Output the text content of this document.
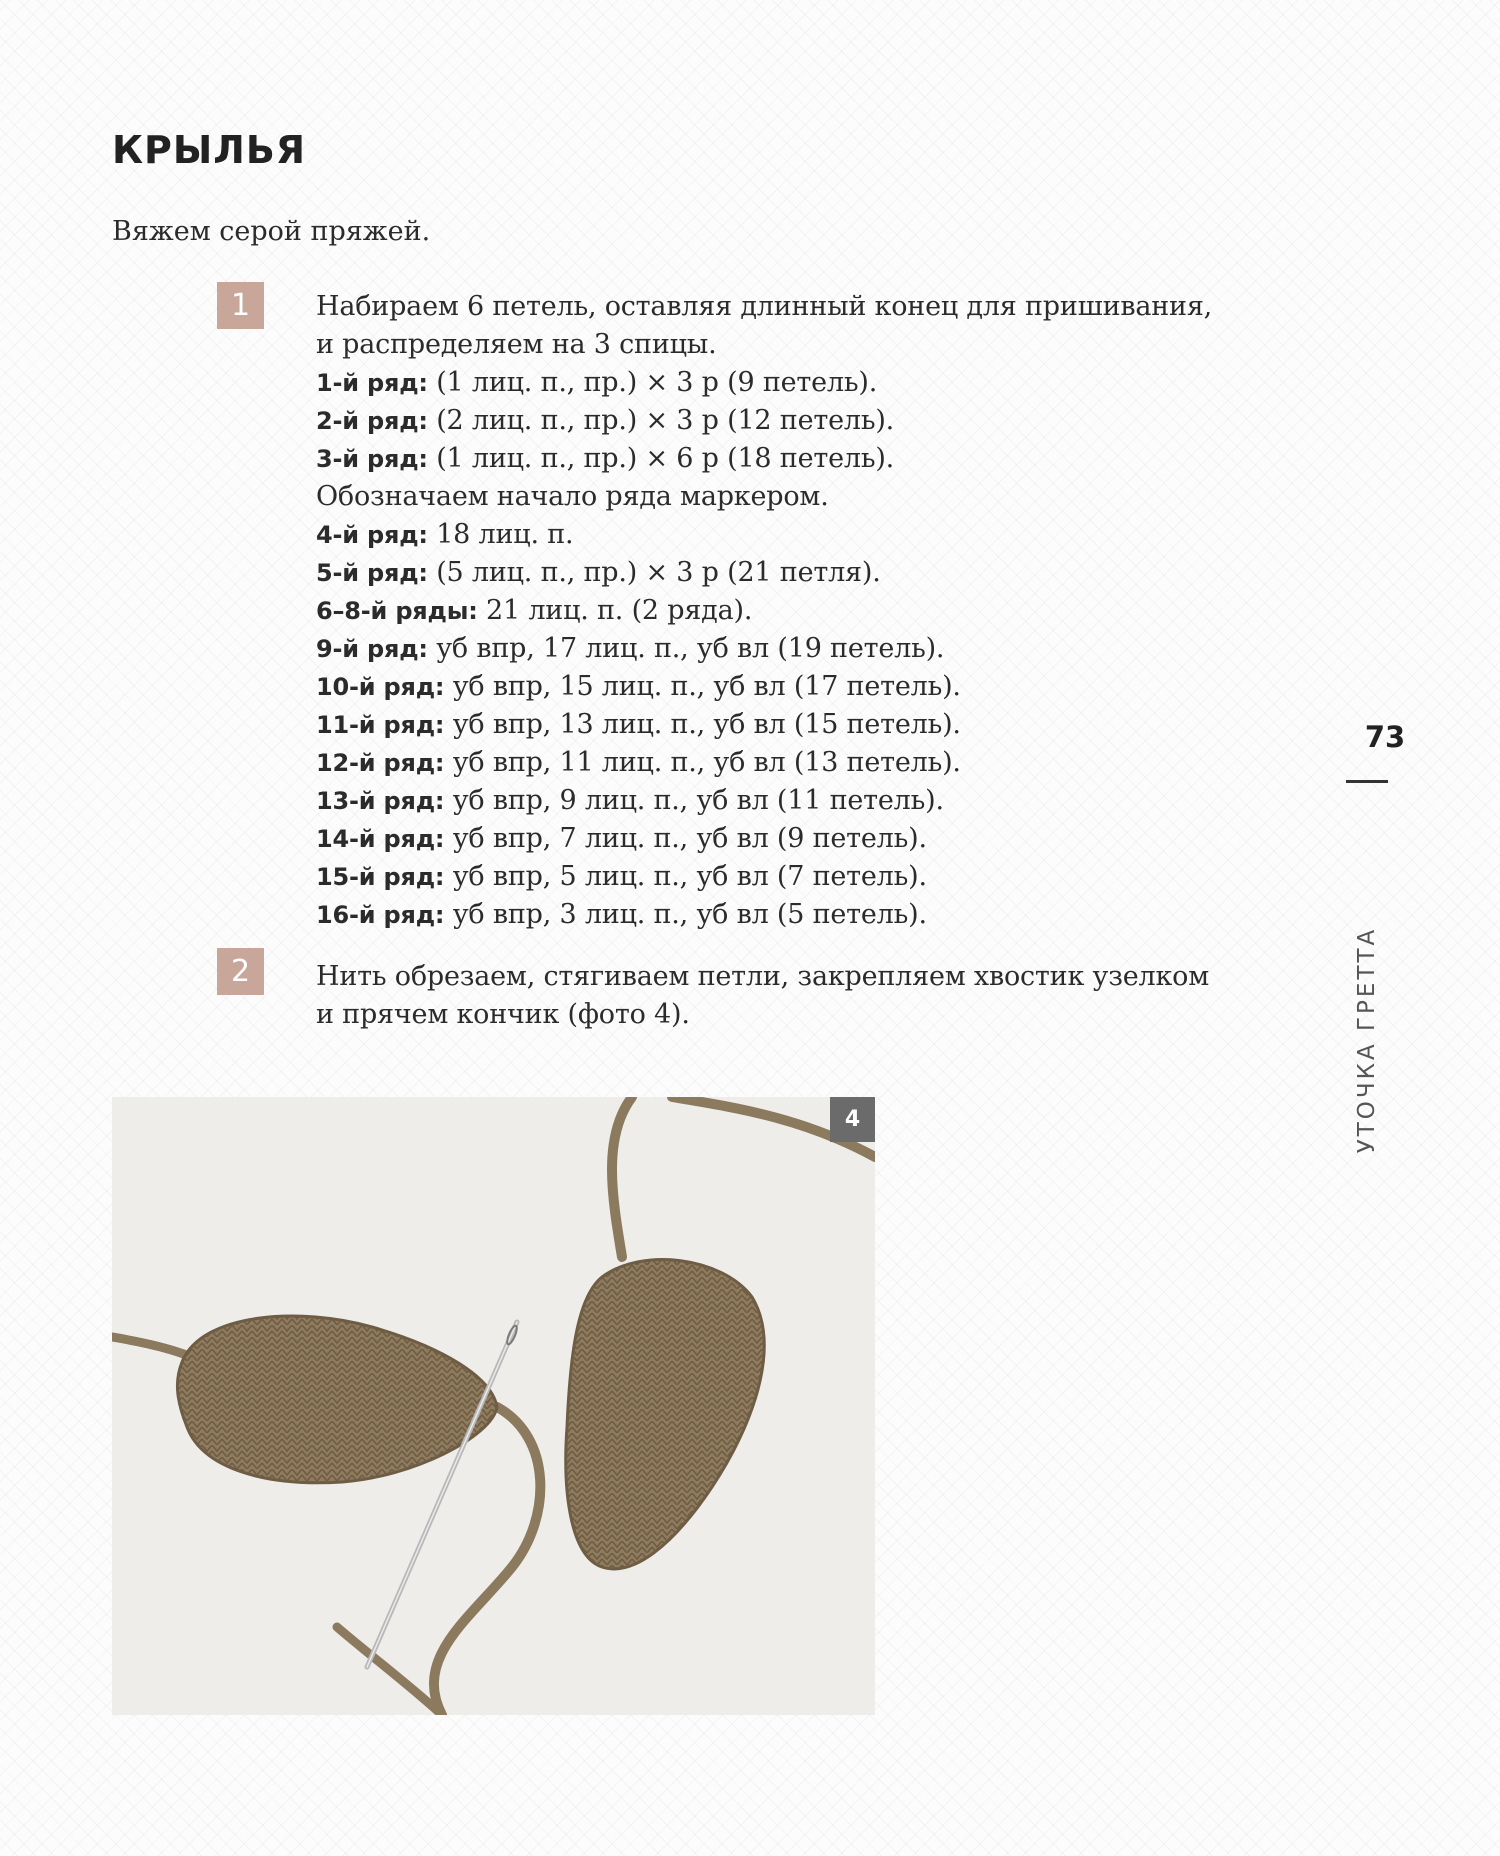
КРЫЛЬЯ
Вяжем серой пряжей.
1	Набираем 6 петель, оставляя длинный конец для пришивания,
и распределяем на 3 спицы.
1-й ряд: (1 лиц. п., пр.) × 3 р (9 петель).
2-й ряд: (2 лиц. п., пр.) × 3 р (12 петель).
3-й ряд: (1 лиц. п., пр.) × 6 р (18 петель).
Обозначаем начало ряда маркером.
4-й ряд: 18 лиц. п.
5-й ряд: (5 лиц. п., пр.) × 3 р (21 петля).
6–8-й ряды: 21 лиц. п. (2 ряда).
9-й ряд: уб впр, 17 лиц. п., уб вл (19 петель).
10-й ряд: уб впр, 15 лиц. п., уб вл (17 петель).
11-й ряд: уб впр, 13 лиц. п., уб вл (15 петель).
12-й ряд: уб впр, 11 лиц. п., уб вл (13 петель).
13-й ряд: уб впр, 9 лиц. п., уб вл (11 петель).
14-й ряд: уб впр, 7 лиц. п., уб вл (9 петель).
15-й ряд: уб впр, 5 лиц. п., уб вл (7 петель).
16-й ряд: уб впр, 3 лиц. п., уб вл (5 петель).
2	Нить обрезаем, стягиваем петли, закрепляем хвостик узелком
и прячем кончик (фото 4).
73
УТОЧКА ГРЕТТА
4
